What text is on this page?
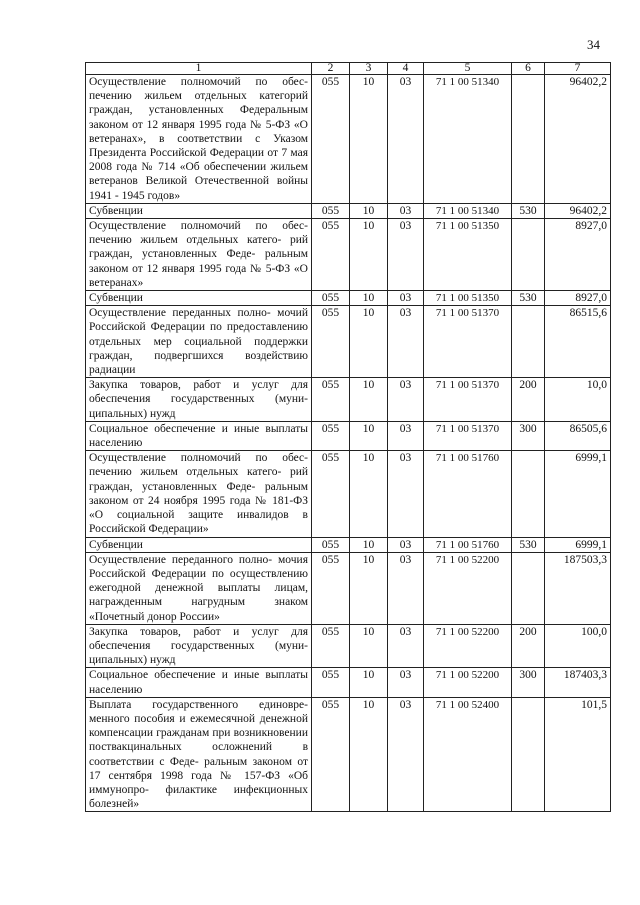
34
1	2	3	4	5	6	7
Осуществление полномочий по обес- печению жильем отдельных категорий граждан, установленных Федеральным законом от 12 января 1995 года № 5-ФЗ «О ветеранах», в соответствии с Указом Президента Российской Федерации от 7 мая 2008 года № 714 «Об обеспечении жильем ветеранов Великой Отечественной войны 1941 - 1945 годов»	055	10	03	71 1 00 51340		96402,2
Субвенции	055	10	03	71 1 00 51340	530	96402,2
Осуществление полномочий по обес- печению жильем отдельных катего- рий граждан, установленных Феде- ральным законом от 12 января 1995 года № 5-ФЗ «О ветеранах»	055	10	03	71 1 00 51350		8927,0
Субвенции	055	10	03	71 1 00 51350	530	8927,0
Осуществление переданных полно- мочий Российской Федерации по предоставлению отдельных мер социальной поддержки граждан, подвергшихся воздействию радиации	055	10	03	71 1 00 51370		86515,6
Закупка товаров, работ и услуг для обеспечения государственных (муни- ципальных) нужд	055	10	03	71 1 00 51370	200	10,0
Социальное обеспечение и иные выплаты населению	055	10	03	71 1 00 51370	300	86505,6
Осуществление полномочий по обес- печению жильем отдельных катего- рий граждан, установленных Феде- ральным законом от 24 ноября 1995 года № 181-ФЗ «О социальной защите инвалидов в Российской Федерации»	055	10	03	71 1 00 51760		6999,1
Субвенции	055	10	03	71 1 00 51760	530	6999,1
Осуществление переданного полно- мочия Российской Федерации по осуществлению ежегодной денежной выплаты лицам, награжденным нагрудным знаком «Почетный донор России»	055	10	03	71 1 00 52200		187503,3
Закупка товаров, работ и услуг для обеспечения государственных (муни- ципальных) нужд	055	10	03	71 1 00 52200	200	100,0
Социальное обеспечение и иные выплаты населению	055	10	03	71 1 00 52200	300	187403,3
Выплата государственного единовре- менного пособия и ежемесячной денежной компенсации гражданам при возникновении поствакцинальных осложнений в соответствии с Феде- ральным законом от 17 сентября 1998 года № 157-ФЗ «Об иммунопро- филактике инфекционных болезней»	055	10	03	71 1 00 52400		101,5
